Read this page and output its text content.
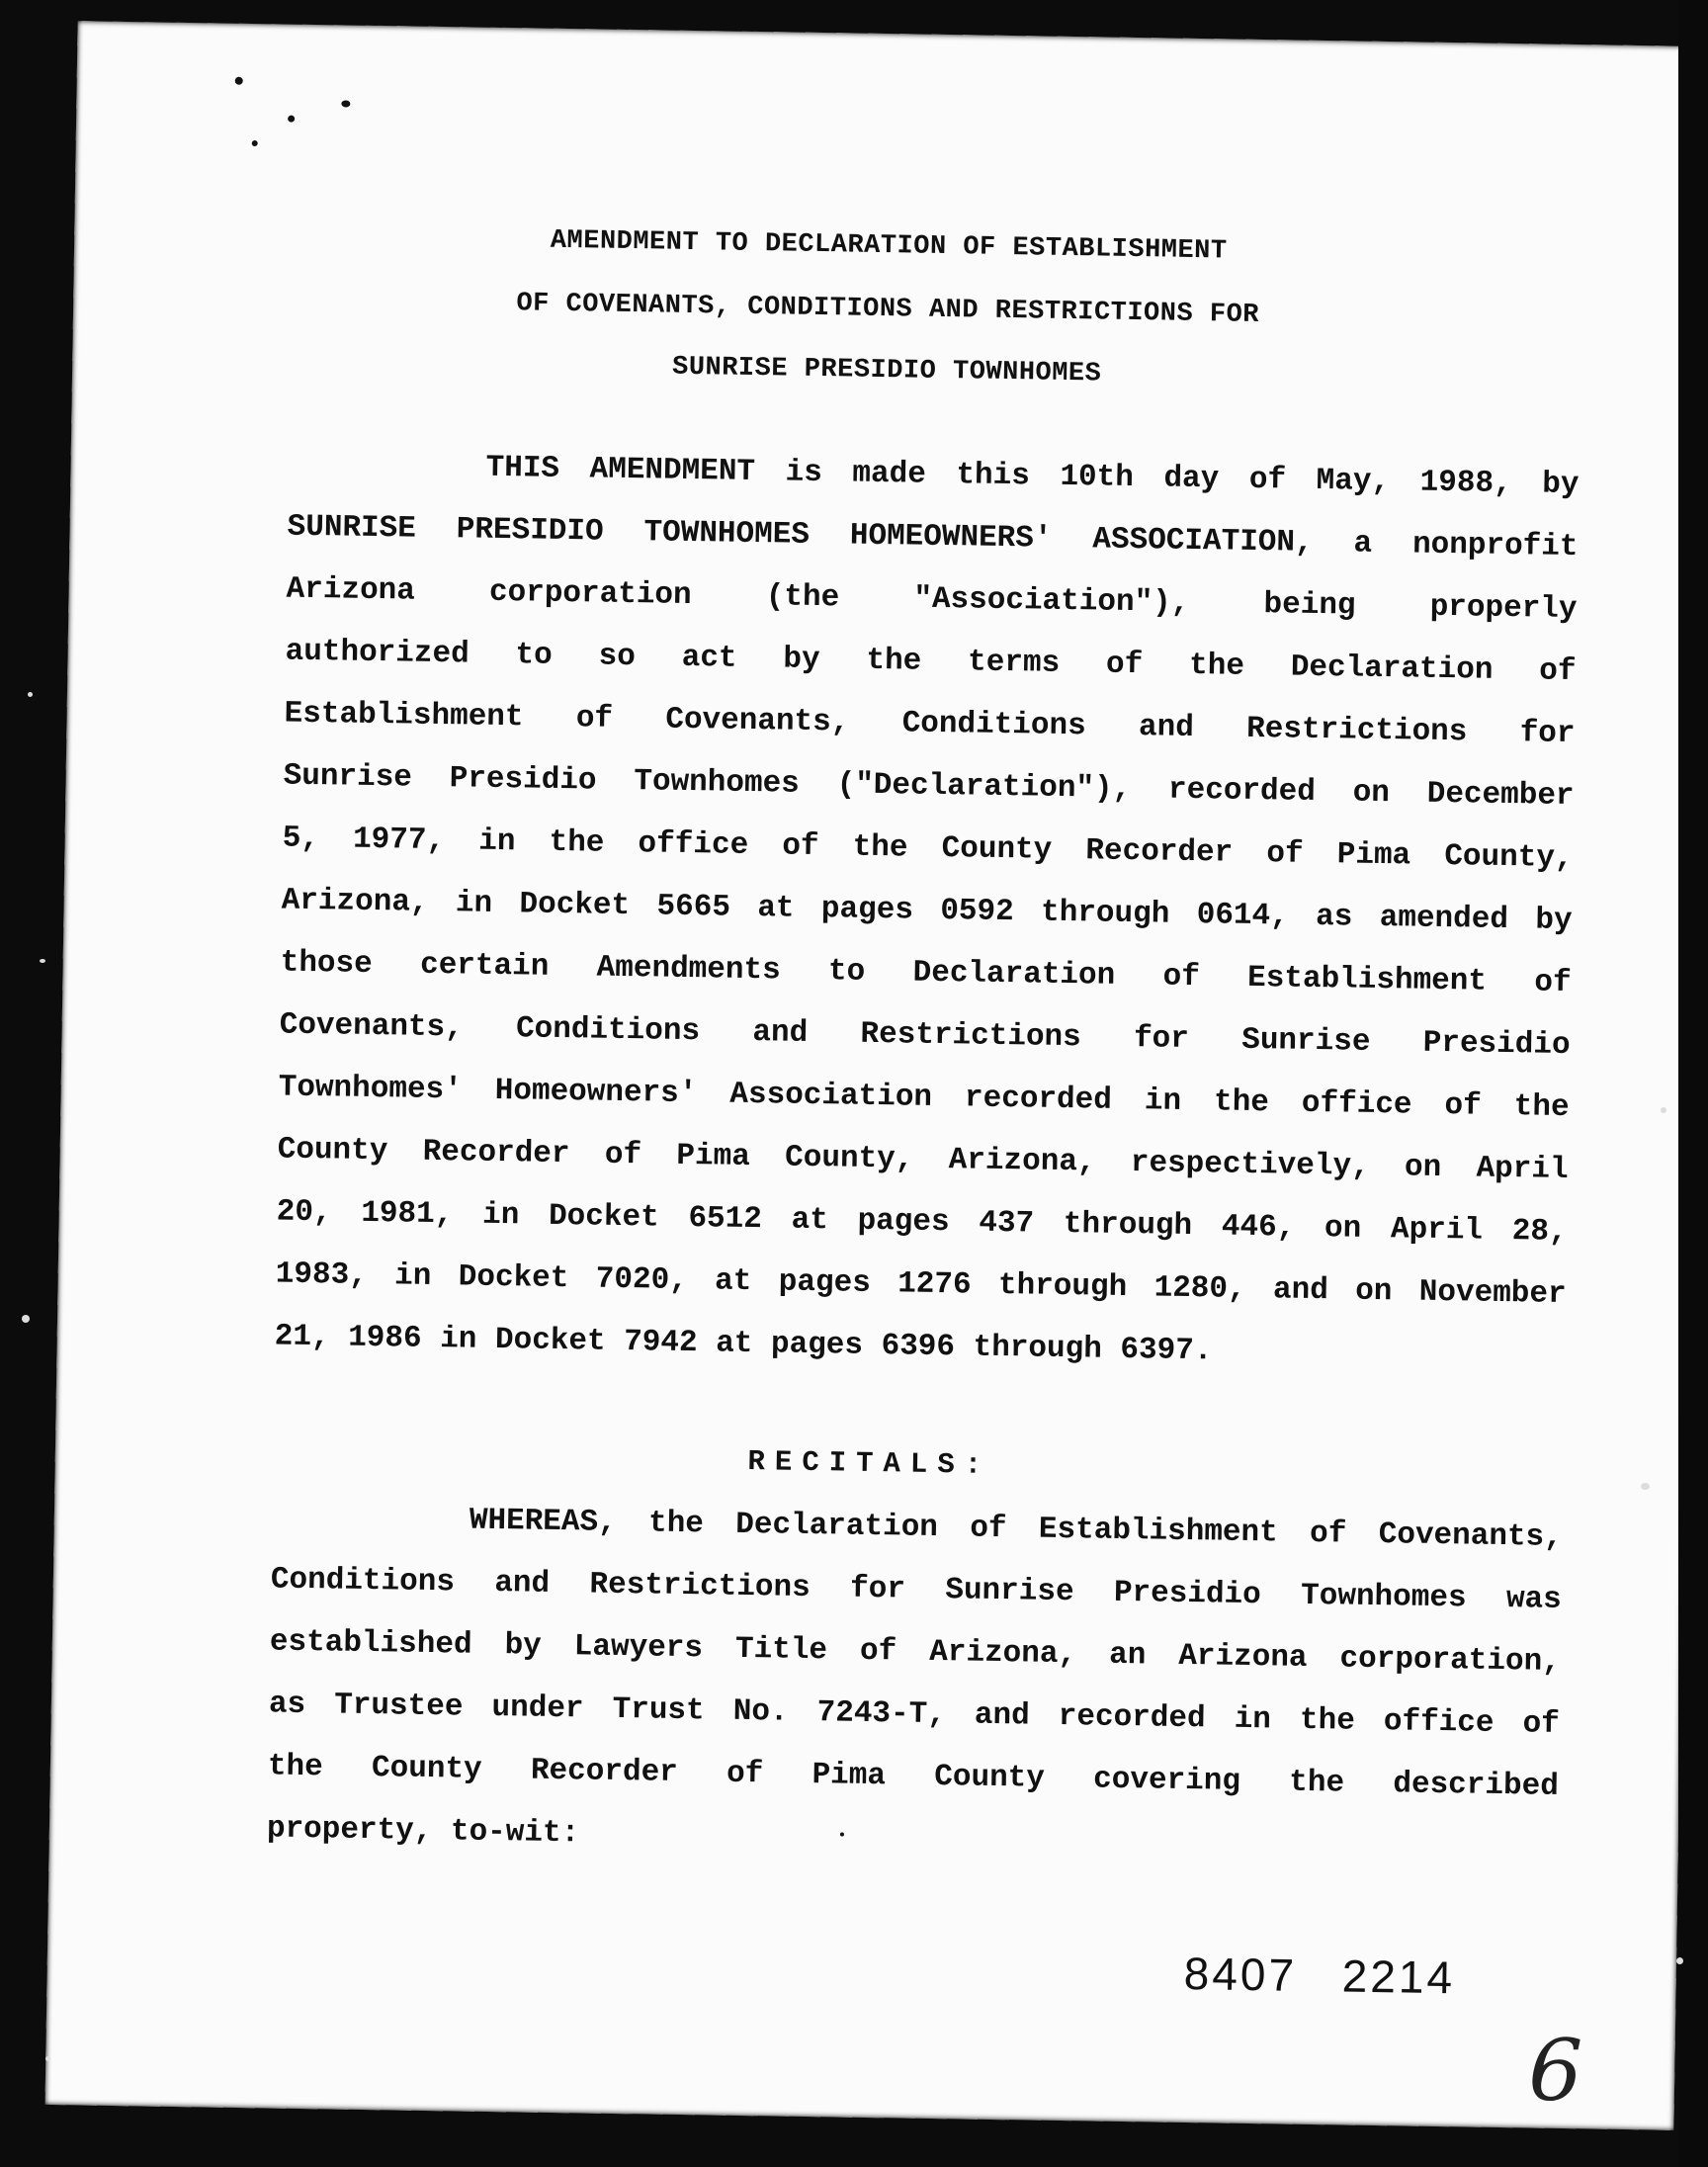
AMENDMENT TO DECLARATION OF ESTABLISHMENT
OF COVENANTS, CONDITIONS AND RESTRICTIONS FOR
SUNRISE PRESIDIO TOWNHOMES
THIS AMENDMENT is made this 10th day of May, 1988, by
SUNRISE PRESIDIO TOWNHOMES HOMEOWNERS' ASSOCIATION, a nonprofit
Arizona corporation (the "Association"), being properly
authorized to so act by the terms of the Declaration of
Establishment of Covenants, Conditions and Restrictions for
Sunrise Presidio Townhomes ("Declaration"), recorded on December
5, 1977, in the office of the County Recorder of Pima County,
Arizona, in Docket 5665 at pages 0592 through 0614, as amended by
those certain Amendments to Declaration of Establishment of
Covenants, Conditions and Restrictions for Sunrise Presidio
Townhomes' Homeowners' Association recorded in the office of the
County Recorder of Pima County, Arizona, respectively, on April
20, 1981, in Docket 6512 at pages 437 through 446, on April 28,
1983, in Docket 7020, at pages 1276 through 1280, and on November
21, 1986 in Docket 7942 at pages 6396 through 6397.
RECITALS:
WHEREAS, the Declaration of Establishment of Covenants,
Conditions and Restrictions for Sunrise Presidio Townhomes was
established by Lawyers Title of Arizona, an Arizona corporation,
as Trustee under Trust No. 7243-T, and recorded in the office of
the County Recorder of Pima County covering the described
property, to-wit:
8407 2214
6
